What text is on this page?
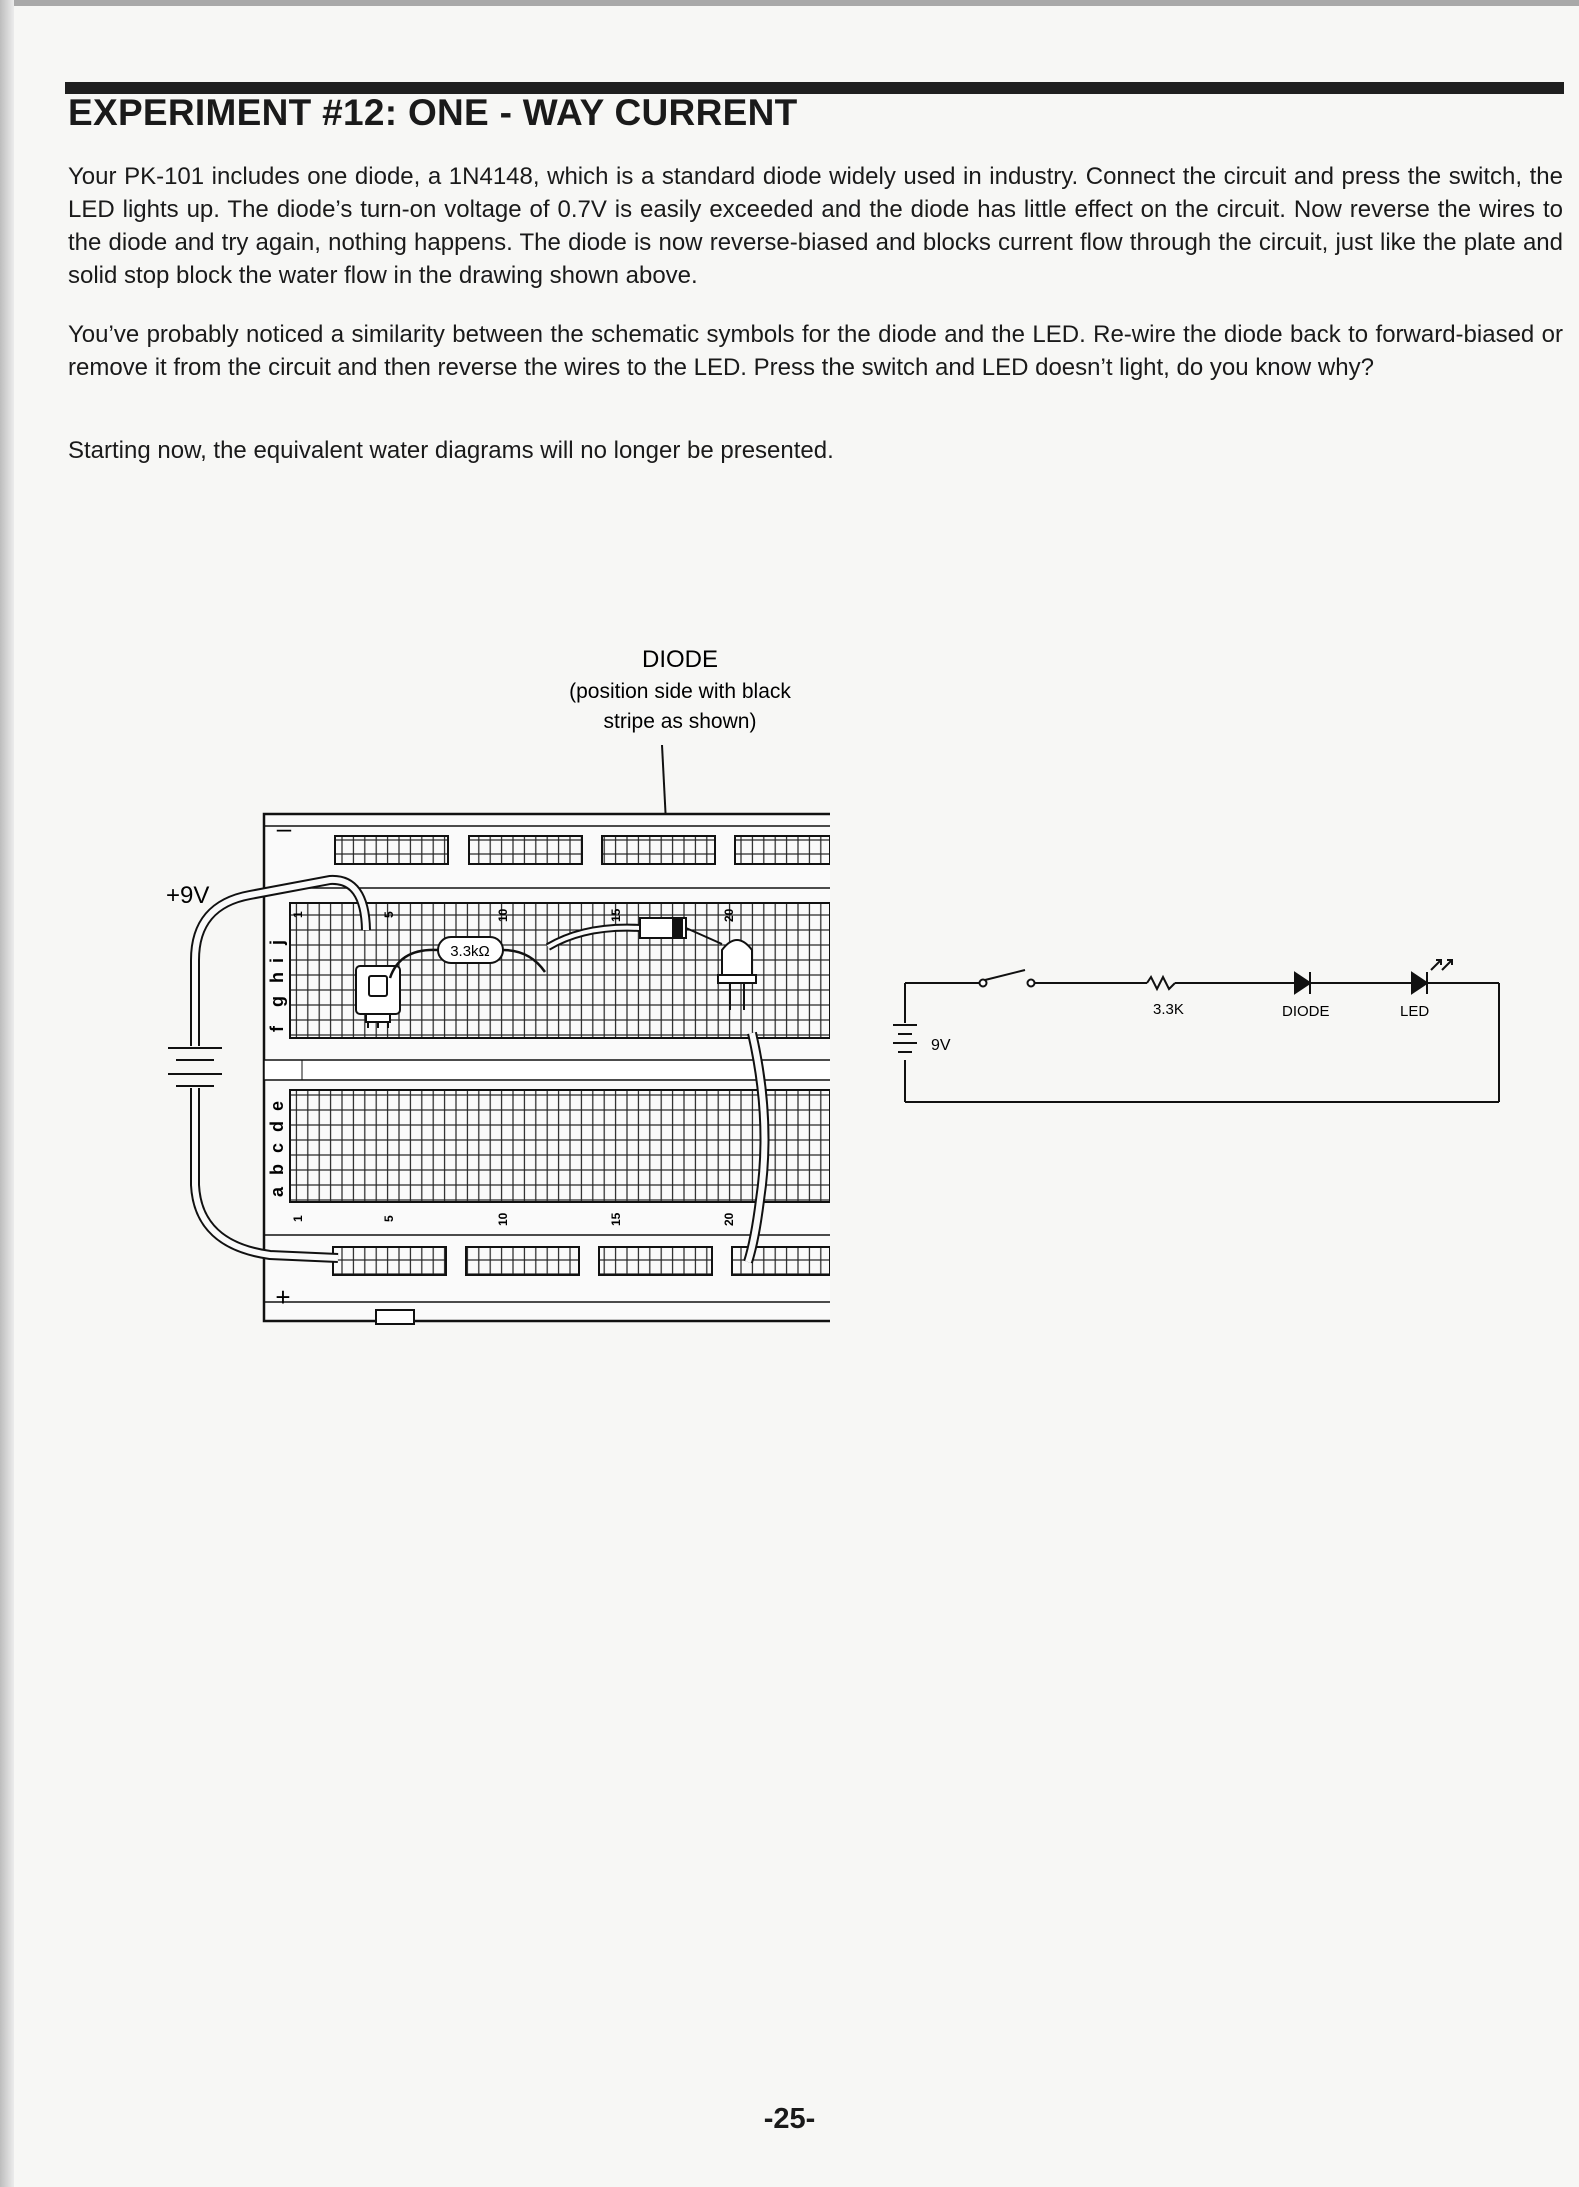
EXPERIMENT #12: ONE - WAY CURRENT
Your PK-101 includes one diode, a 1N4148, which is a standard diode widely used in industry. Connect the circuit and press the switch, the LED lights up. The diode’s turn-on voltage of 0.7V is easily exceeded and the diode has little effect on the circuit. Now reverse the wires to the diode and try again, nothing happens. The diode is now reverse-biased and blocks current flow through the circuit, just like the plate and solid stop block the water flow in the drawing shown above.
You’ve probably noticed a similarity between the schematic symbols for the diode and the LED. Re-wire the diode back to forward-biased or remove it from the circuit and then reverse the wires to the LED. Press the switch and LED doesn’t light, do you know why?
Starting now, the equivalent water diagrams will no longer be presented.
DIODE
(position side with black
stripe as shown)
–
+
f
g
h
i
j
a
b
c
d
e
1	5	10	15	20
1	5	10	15	20
+9V
3.3kΩ
9V
3.3K	DIODE	LED
-25-
